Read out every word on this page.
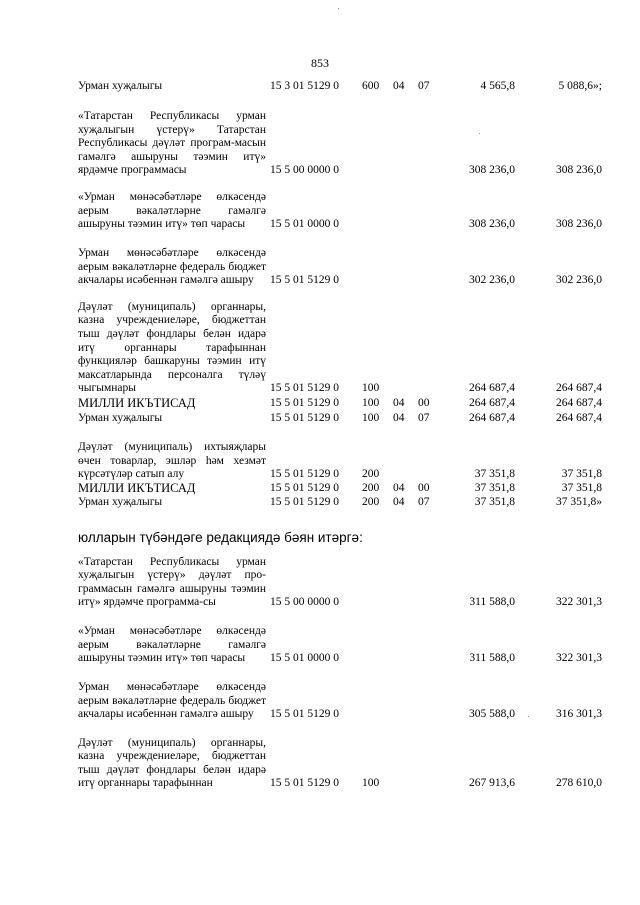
853
Урман хуҗалыгы	15 3 01 5129 0 600 04 07	4 565,8	5 088,6»;
«Татарстан Республикасы урман хуҗалыгын үстерү» Татарстан Республикасы дәүләт програм-масын гамәлгә ашыруны тәэмин итү» ярдәмче программасы	15 5 00 0000 0	308 236,0	308 236,0
«Урман мөнәсәбәтләре өлкәсендә аерым вәкаләтләрне гамәлгә ашыруны тәэмин итү» төп чарасы	15 5 01 0000 0	308 236,0	308 236,0
Урман мөнәсәбәтләре өлкәсендә аерым вәкаләтләрне федераль бюджет акчалары исәбеннән гамәлгә ашыру	15 5 01 5129 0	302 236,0	302 236,0
Дәүләт (муниципаль) органнары, казна учреждениеләре, бюджеттан тыш дәүләт фондлары белән идарә итү органнары тарафыннан функцияләр башкаруны тәэмин итү максатларында персоналга түләү чыгымнары	15 5 01 5129 0 100	264 687,4	264 687,4
МИЛЛИ ИКЪТИСАД	15 5 01 5129 0 100 04 00	264 687,4	264 687,4
Урман хуҗалыгы	15 5 01 5129 0 100 04 07	264 687,4	264 687,4
Дәүләт (муниципаль) ихтыяҗлары өчен товарлар, эшләр һәм хезмәт күрсәтүләр сатып алу	15 5 01 5129 0 200	37 351,8	37 351,8
МИЛЛИ ИКЪТИСАД	15 5 01 5129 0 200 04 00	37 351,8	37 351,8
Урман хуҗалыгы	15 5 01 5129 0 200 04 07	37 351,8	37 351,8»
юлларын түбәндәге редакциядә бәян итәргә:
«Татарстан Республикасы урман хуҗалыгын үстерү» дәүләт про-граммасын гамәлгә ашыруны тәэмин итү» ярдәмче программа-сы	15 5 00 0000 0	311 588,0	322 301,3
«Урман мөнәсәбәтләре өлкәсендә аерым вәкаләтләрне гамәлгә ашыруны тәэмин итү» төп чарасы	15 5 01 0000 0	311 588,0	322 301,3
Урман мөнәсәбәтләре өлкәсендә аерым вәкаләтләрне федераль бюджет акчалары исәбеннән гамәлгә ашыру	15 5 01 5129 0	305 588,0	316 301,3
Дәүләт (муниципаль) органнары, казна учреждениеләре, бюджеттан тыш дәүләт фондлары белән идарә итү органнары тарафыннан	15 5 01 5129 0 100	267 913,6	278 610,0
